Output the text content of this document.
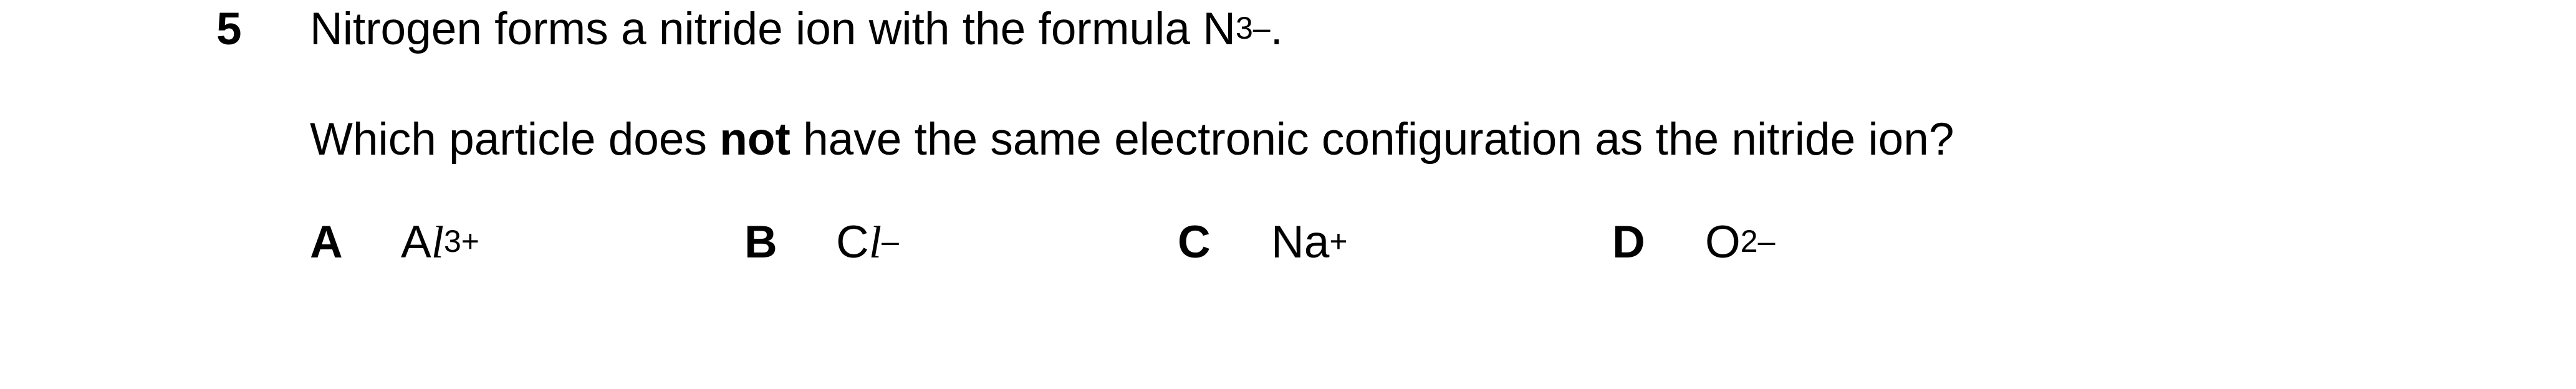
5 Nitrogen forms a nitride ion with the formula $N^{3-}$.
Which particle does not have the same electronic configuration as the nitride ion?
A $Al^{3+}$	B Cl–	C Na+	D $O^{2-}$
